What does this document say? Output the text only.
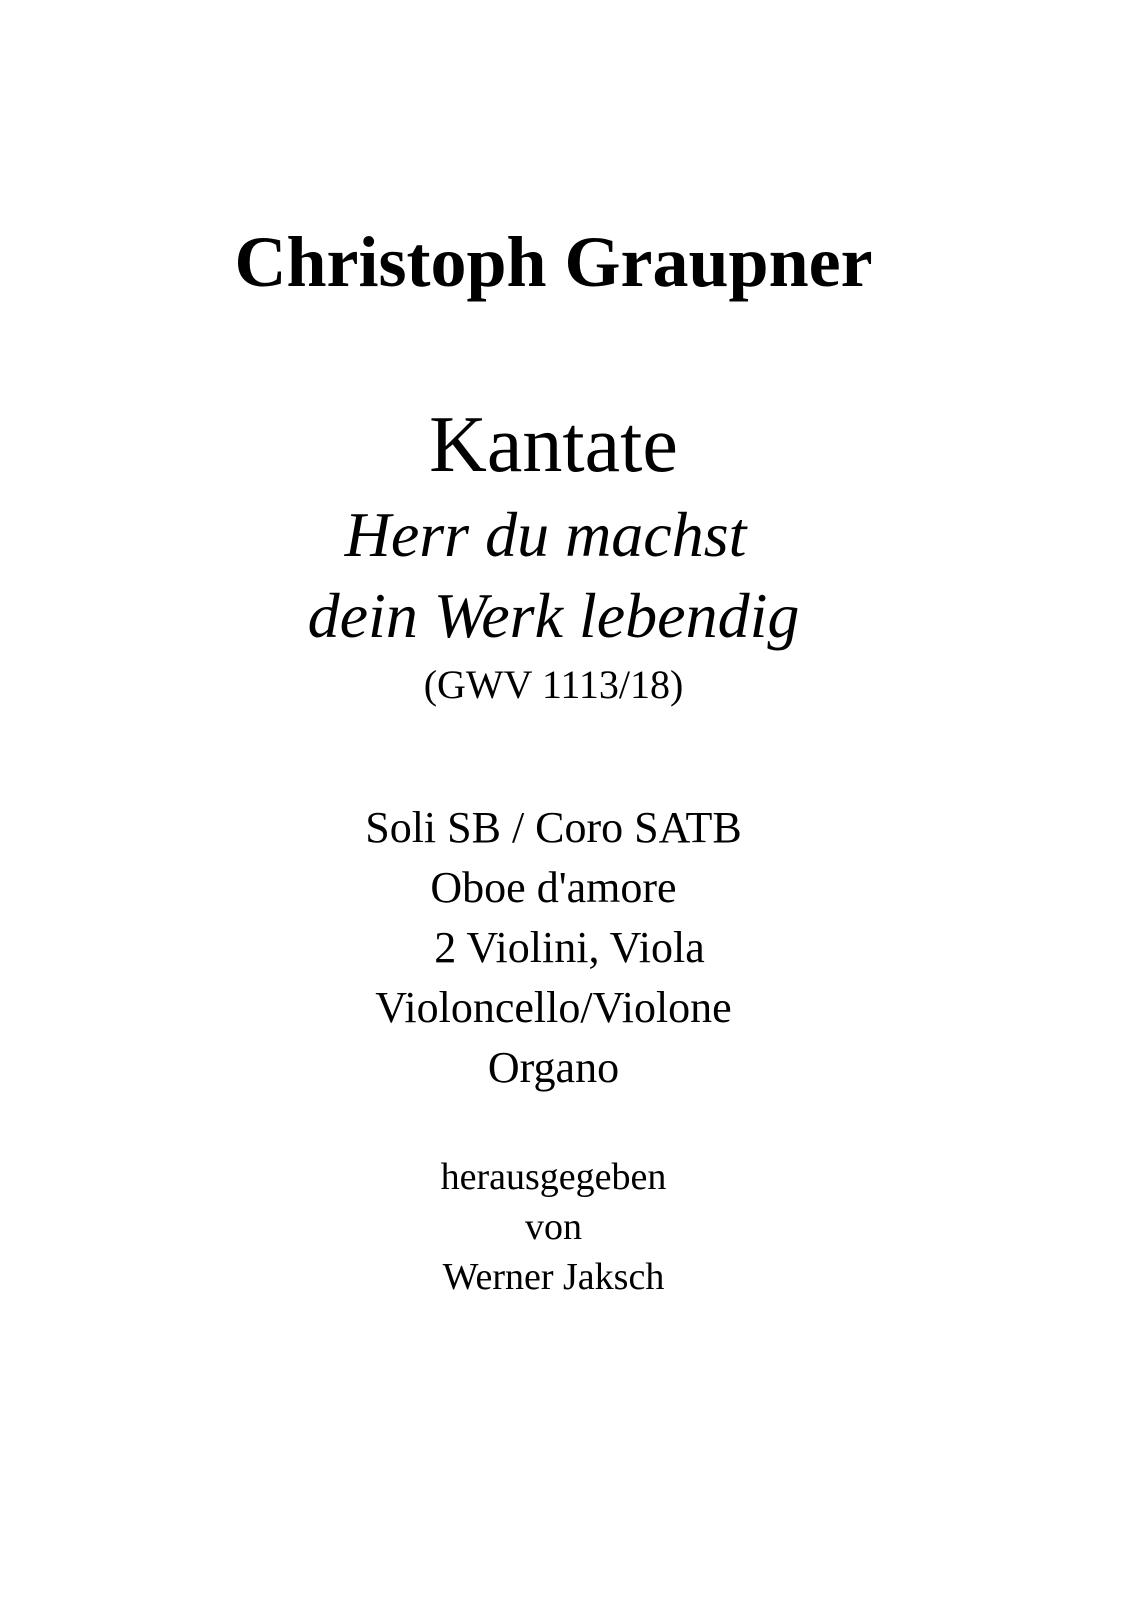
Christoph Graupner
Kantate
Herr du machst
dein Werk lebendig
(GWV 1113/18)
Soli SB / Coro SATB
Oboe d'amore
2 Violini, Viola
Violoncello/Violone
Organo
herausgegeben
von
Werner Jaksch
